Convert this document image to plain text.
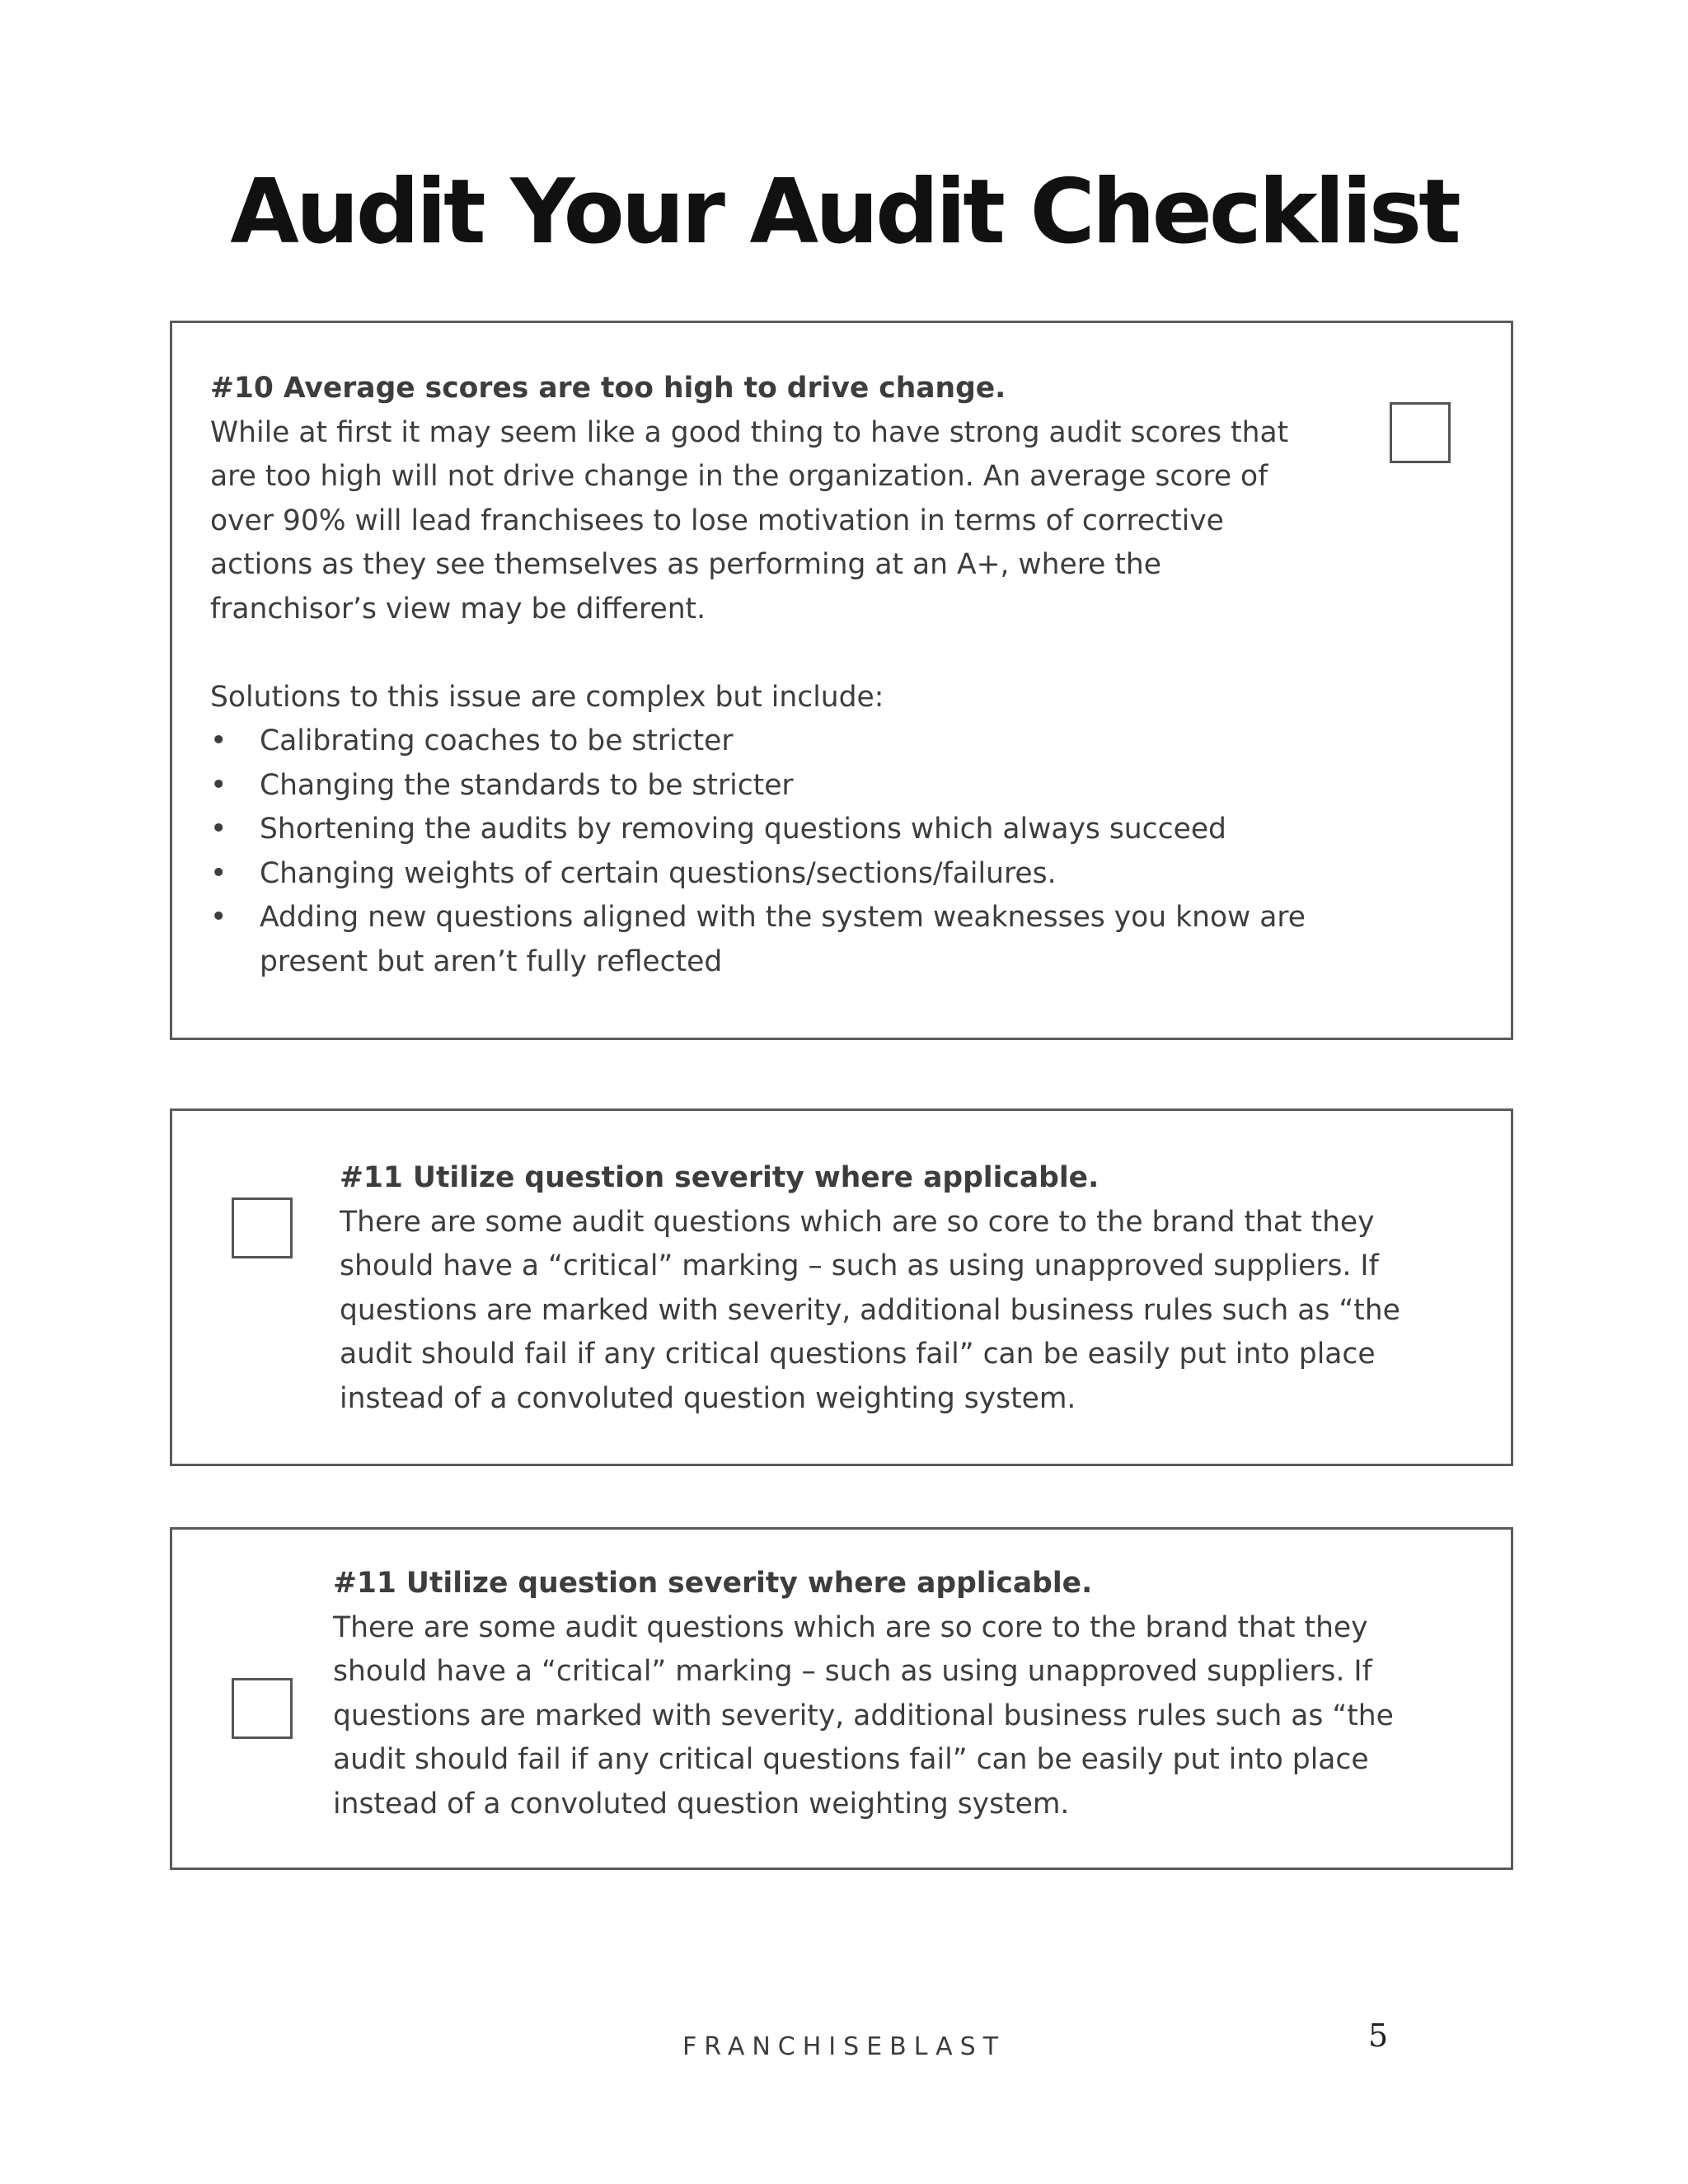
Audit Your Audit Checklist
#10 Average scores are too high to drive change.
While at first it may seem like a good thing to have strong audit scores that are too high will not drive change in the organization. An average score of over 90% will lead franchisees to lose motivation in terms of corrective actions as they see themselves as performing at an A+, where the franchisor’s view may be different.
Solutions to this issue are complex but include:
• Calibrating coaches to be stricter
• Changing the standards to be stricter
• Shortening the audits by removing questions which always succeed
• Changing weights of certain questions/sections/failures.
• Adding new questions aligned with the system weaknesses you know are present but aren’t fully reflected
#11 Utilize question severity where applicable.
There are some audit questions which are so core to the brand that they should have a “critical” marking – such as using unapproved suppliers. If questions are marked with severity, additional business rules such as “the audit should fail if any critical questions fail” can be easily put into place instead of a convoluted question weighting system.
#11 Utilize question severity where applicable.
There are some audit questions which are so core to the brand that they should have a “critical” marking – such as using unapproved suppliers. If questions are marked with severity, additional business rules such as “the audit should fail if any critical questions fail” can be easily put into place instead of a convoluted question weighting system.
FRANCHISEBLAST	5
